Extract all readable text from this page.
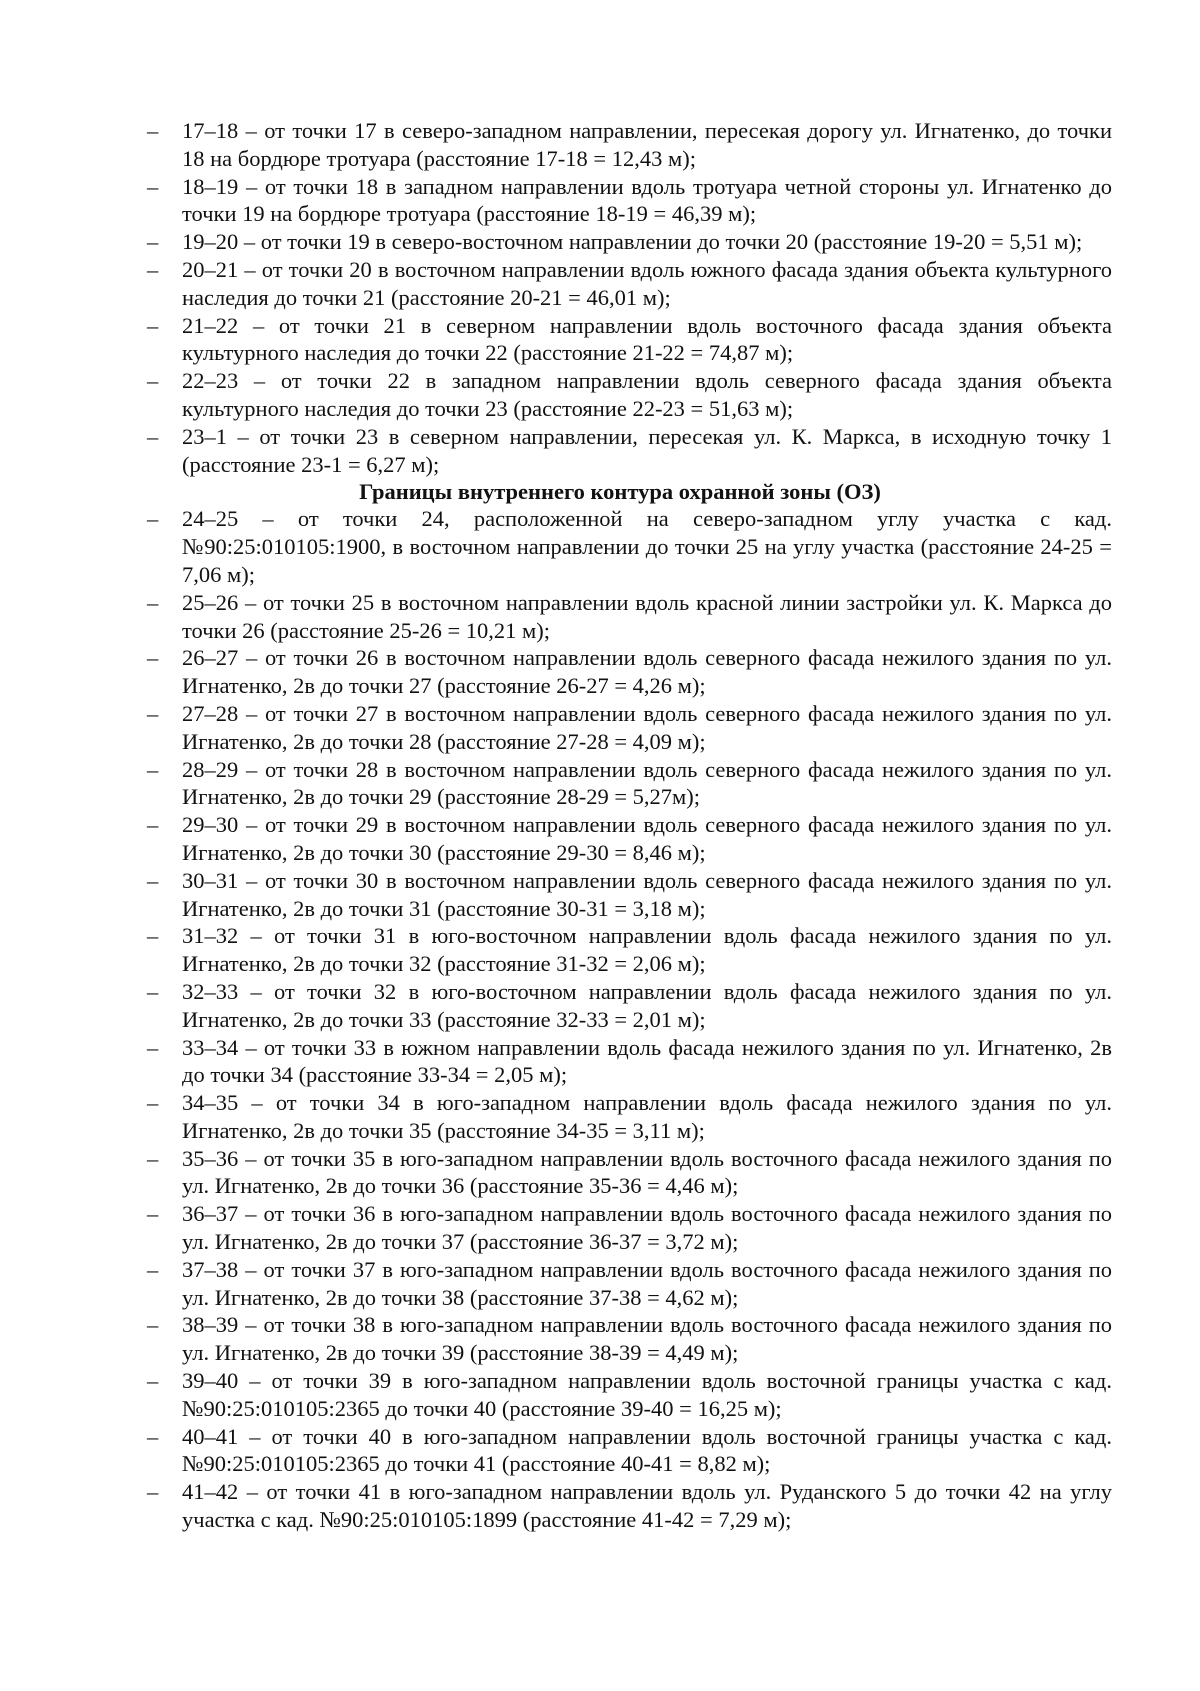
–	17–18 – от точки 17 в северо-западном направлении, пересекая дорогу ул. Игнатенко, до точки 18 на бордюре тротуара (расстояние 17-18 = 12,43 м);
–	18–19 – от точки 18 в западном направлении вдоль тротуара четной стороны ул. Игнатенко до точки 19 на бордюре тротуара (расстояние 18-19 = 46,39 м);
–	19–20 – от точки 19 в северо-восточном направлении до точки 20 (расстояние 19-20 = 5,51 м);
–	20–21 – от точки 20 в восточном направлении вдоль южного фасада здания объекта культурного наследия до точки 21 (расстояние 20-21 = 46,01 м);
–	21–22 – от точки 21 в северном направлении вдоль восточного фасада здания объекта культурного наследия до точки 22 (расстояние 21-22 = 74,87 м);
–	22–23 – от точки 22 в западном направлении вдоль северного фасада здания объекта культурного наследия до точки 23 (расстояние 22-23 = 51,63 м);
–	23–1 – от точки 23 в северном направлении, пересекая ул. К. Маркса, в исходную точку 1 (расстояние 23-1 = 6,27 м);
Границы внутреннего контура охранной зоны (ОЗ)
–	24–25 – от точки 24, расположенной на северо-западном углу участка с кад. №90:25:010105:1900, в восточном направлении до точки 25 на углу участка (расстояние 24-25 = 7,06 м);
–	25–26 – от точки 25 в восточном направлении вдоль красной линии застройки ул. К. Маркса до точки 26 (расстояние 25-26 = 10,21 м);
–	26–27 – от точки 26 в восточном направлении вдоль северного фасада нежилого здания по ул. Игнатенко, 2в до точки 27 (расстояние 26-27 = 4,26 м);
–	27–28 – от точки 27 в восточном направлении вдоль северного фасада нежилого здания по ул. Игнатенко, 2в до точки 28 (расстояние 27-28 = 4,09 м);
–	28–29 – от точки 28 в восточном направлении вдоль северного фасада нежилого здания по ул. Игнатенко, 2в до точки 29 (расстояние 28-29 = 5,27м);
–	29–30 – от точки 29 в восточном направлении вдоль северного фасада нежилого здания по ул. Игнатенко, 2в до точки 30 (расстояние 29-30 = 8,46 м);
–	30–31 – от точки 30 в восточном направлении вдоль северного фасада нежилого здания по ул. Игнатенко, 2в до точки 31 (расстояние 30-31 = 3,18 м);
–	31–32 – от точки 31 в юго-восточном направлении вдоль фасада нежилого здания по ул. Игнатенко, 2в до точки 32 (расстояние 31-32 = 2,06 м);
–	32–33 – от точки 32 в юго-восточном направлении вдоль фасада нежилого здания по ул. Игнатенко, 2в до точки 33 (расстояние 32-33 = 2,01 м);
–	33–34 – от точки 33 в южном направлении вдоль фасада нежилого здания по ул. Игнатенко, 2в до точки 34 (расстояние 33-34 = 2,05 м);
–	34–35 – от точки 34 в юго-западном направлении вдоль фасада нежилого здания по ул. Игнатенко, 2в до точки 35 (расстояние 34-35 = 3,11 м);
–	35–36 – от точки 35 в юго-западном направлении вдоль восточного фасада нежилого здания по ул. Игнатенко, 2в до точки 36 (расстояние 35-36 = 4,46 м);
–	36–37 – от точки 36 в юго-западном направлении вдоль восточного фасада нежилого здания по ул. Игнатенко, 2в до точки 37 (расстояние 36-37 = 3,72 м);
–	37–38 – от точки 37 в юго-западном направлении вдоль восточного фасада нежилого здания по ул. Игнатенко, 2в до точки 38 (расстояние 37-38 = 4,62 м);
–	38–39 – от точки 38 в юго-западном направлении вдоль восточного фасада нежилого здания по ул. Игнатенко, 2в до точки 39 (расстояние 38-39 = 4,49 м);
–	39–40 – от точки 39 в юго-западном направлении вдоль восточной границы участка с кад. №90:25:010105:2365 до точки 40 (расстояние 39-40 = 16,25 м);
–	40–41 – от точки 40 в юго-западном направлении вдоль восточной границы участка с кад. №90:25:010105:2365 до точки 41 (расстояние 40-41 = 8,82 м);
–	41–42 – от точки 41 в юго-западном направлении вдоль ул. Руданского 5 до точки 42 на углу участка с кад. №90:25:010105:1899 (расстояние 41-42 = 7,29 м);
